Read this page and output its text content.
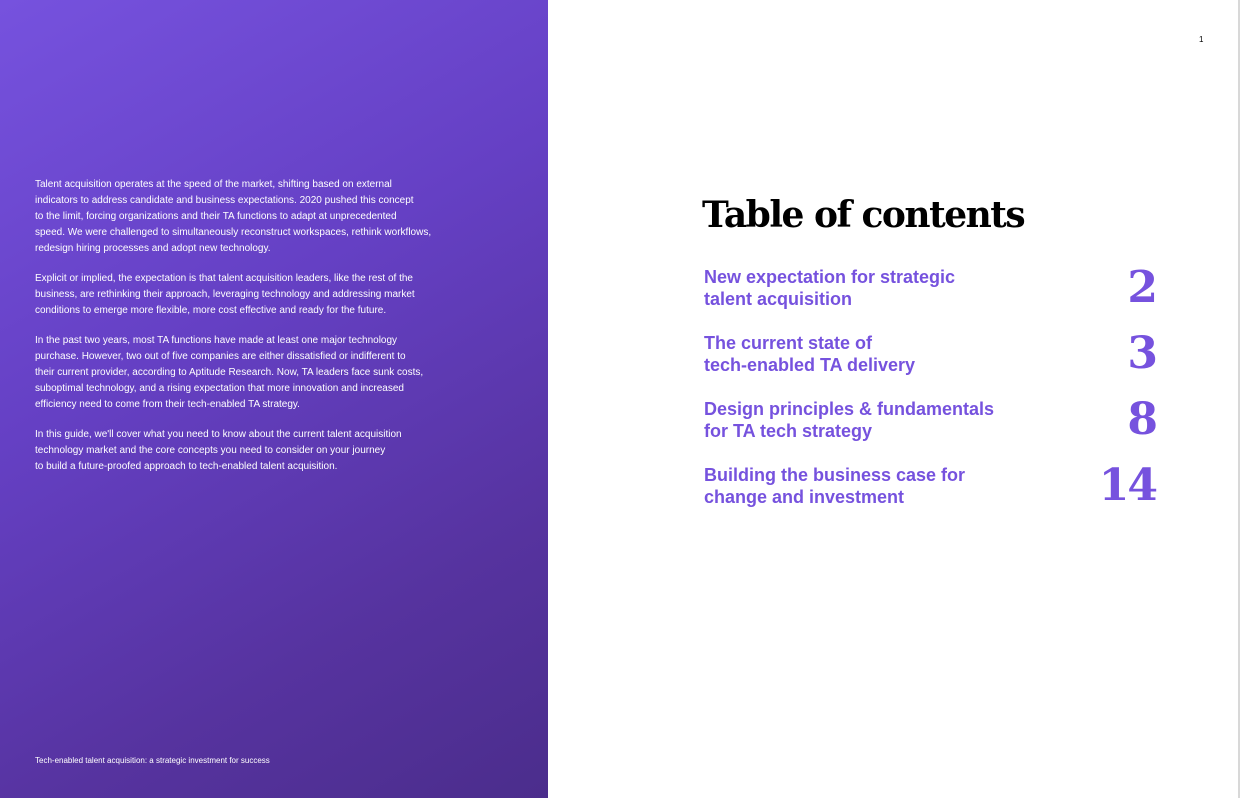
Talent acquisition operates at the speed of the market, shifting based on external
indicators to address candidate and business expectations. 2020 pushed this concept
to the limit, forcing organizations and their TA functions to adapt at unprecedented
speed. We were challenged to simultaneously reconstruct workspaces, rethink workflows,
redesign hiring processes and adopt new technology.

Explicit or implied, the expectation is that talent acquisition leaders, like the rest of the
business, are rethinking their approach, leveraging technology and addressing market
conditions to emerge more flexible, more cost effective and ready for the future.

In the past two years, most TA functions have made at least one major technology
purchase. However, two out of five companies are either dissatisfied or indifferent to
their current provider, according to Aptitude Research. Now, TA leaders face sunk costs,
suboptimal technology, and a rising expectation that more innovation and increased
efficiency need to come from their tech-enabled TA strategy.

In this guide, we'll cover what you need to know about the current talent acquisition
technology market and the core concepts you need to consider on your journey
to build a future-proofed approach to tech-enabled talent acquisition.

Tech-enabled talent acquisition: a strategic investment for success
1
Table of contents
New expectation for strategic
talent acquisition	2
The current state of
tech-enabled TA delivery	3
Design principles & fundamentals
for TA tech strategy	8
Building the business case for
change and investment	14
